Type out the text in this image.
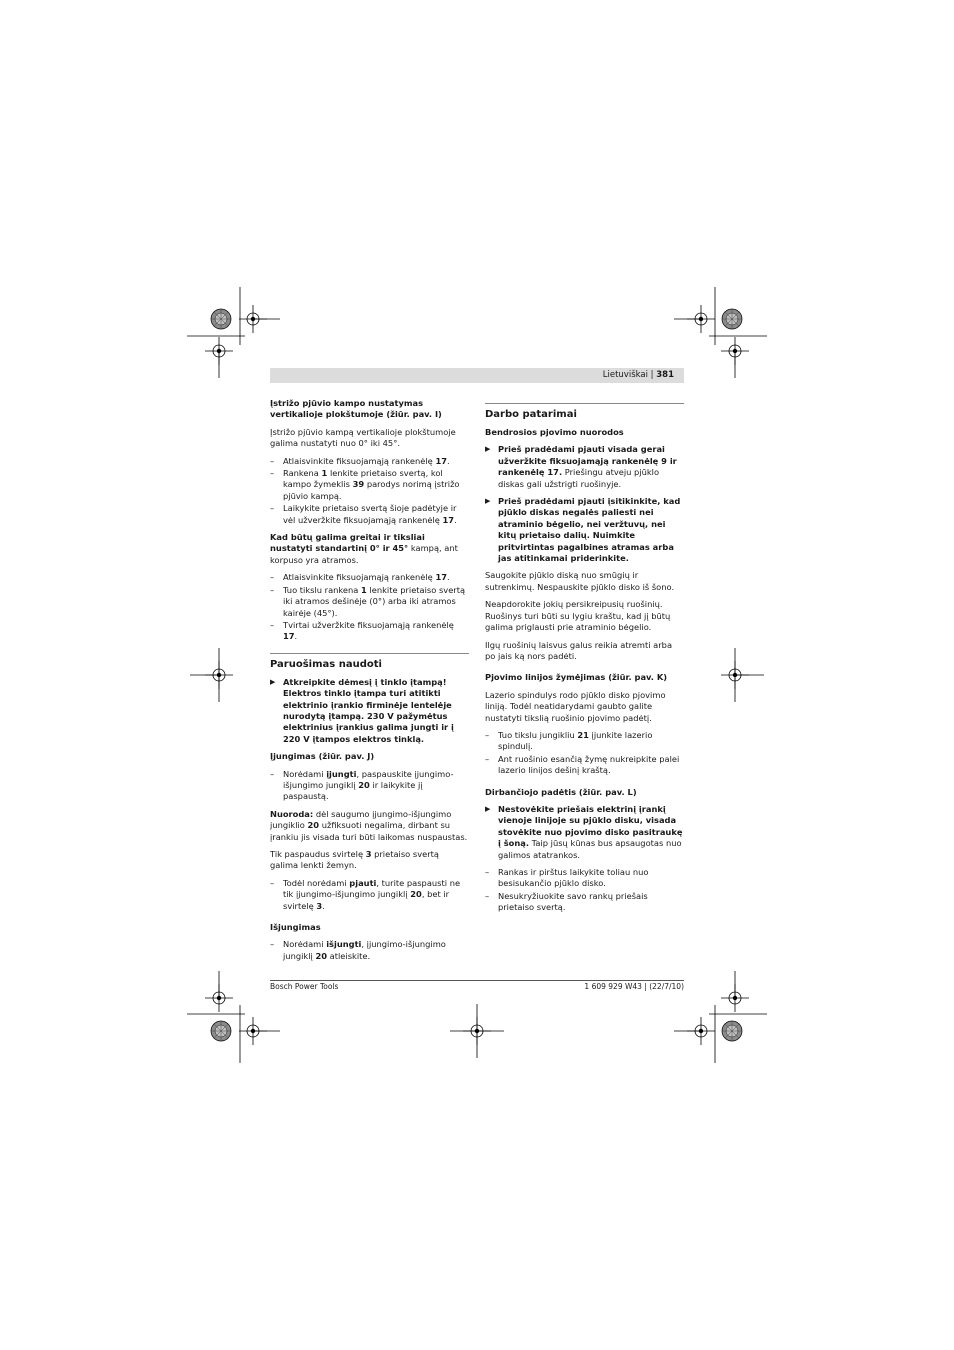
Lietuviškai | 381
Įstrižo pjūvio kampo nustatymas vertikalioje plokštumoje (žiūr. pav. I)
Įstrižo pjūvio kampą vertikalioje plokštumoje galima nustatyti nuo 0° iki 45°.
– Atlaisvinkite fiksuojamąją rankenėlę 17.
– Rankena 1 lenkite prietaiso svertą, kol kampo žymeklis 39 parodys norimą įstrižo pjūvio kampą.
– Laikykite prietaiso svertą šioje padėtyje ir vėl užveržkite fiksuojamąją rankenėlę 17.
Kad būtų galima greitai ir tiksliai nustatyti standartinį 0° ir 45° kampą, ant korpuso yra atramos.
– Atlaisvinkite fiksuojamąją rankenėlę 17.
– Tuo tikslu rankena 1 lenkite prietaiso svertą iki atramos dešinėje (0°) arba iki atramos kairėje (45°).
– Tvirtai užveržkite fiksuojamąją rankenėlę 17.
Paruošimas naudoti
▶ Atkreipkite dėmesį į tinklo įtampą! Elektros tinklo įtampa turi atitikti elektrinio įrankio firminėje lentelėje nurodytą įtampą. 230 V pažymėtus elektrinius įrankius galima jungti ir į 220 V įtampos elektros tinklą.
Įjungimas (žiūr. pav. J)
– Norėdami įjungti, paspauskite įjungimo-išjungimo jungiklį 20 ir laikykite jį paspaustą.
Nuoroda: dėl saugumo įjungimo-išjungimo jungiklio 20 užfiksuoti negalima, dirbant su įrankiu jis visada turi būti laikomas nuspaustas.
Tik paspaudus svirtelę 3 prietaiso svertą galima lenkti žemyn.
– Todėl norėdami pjauti, turite paspausti ne tik įjungimo-išjungimo jungiklį 20, bet ir svirtelę 3.
Išjungimas
– Norėdami išjungti, įjungimo-išjungimo jungiklį 20 atleiskite.
Darbo patarimai
Bendrosios pjovimo nuorodos
▶ Prieš pradėdami pjauti visada gerai užveržkite fiksuojamąją rankenėlę 9 ir rankenėlę 17. Priešingu atveju pjūklo diskas gali užstrigti ruošinyje.
▶ Prieš pradėdami pjauti įsitikinkite, kad pjūklo diskas negalės paliesti nei atraminio bėgelio, nei veržtuvų, nei kitų prietaiso dalių. Nuimkite pritvirtintas pagalbines atramas arba jas atitinkamai priderinkite.
Saugokite pjūklo diską nuo smūgių ir sutrenkimų. Nespauskite pjūklo disko iš šono.
Neapdorokite jokių persikreipusių ruošinių. Ruošinys turi būti su lygiu kraštu, kad jį būtų galima priglausti prie atraminio bėgelio.
Ilgų ruošinių laisvus galus reikia atremti arba po jais ką nors padėti.
Pjovimo linijos žymėjimas (žiūr. pav. K)
Lazerio spindulys rodo pjūklo disko pjovimo liniją. Todėl neatidarydami gaubto galite nustatyti tikslią ruošinio pjovimo padėtį.
– Tuo tikslu jungikliu 21 įjunkite lazerio spindulį.
– Ant ruošinio esančią žymę nukreipkite palei lazerio linijos dešinį kraštą.
Dirbančiojo padėtis (žiūr. pav. L)
▶ Nestovėkite priešais elektrinį įrankį vienoje linijoje su pjūklo disku, visada stovėkite nuo pjovimo disko pasitraukę į šoną. Taip jūsų kūnas bus apsaugotas nuo galimos atatrankos.
– Rankas ir pirštus laikykite toliau nuo besisukančio pjūklo disko.
– Nesukryžiuokite savo rankų priešais prietaiso svertą.
Bosch Power Tools	1 609 929 W43 | (22/7/10)
